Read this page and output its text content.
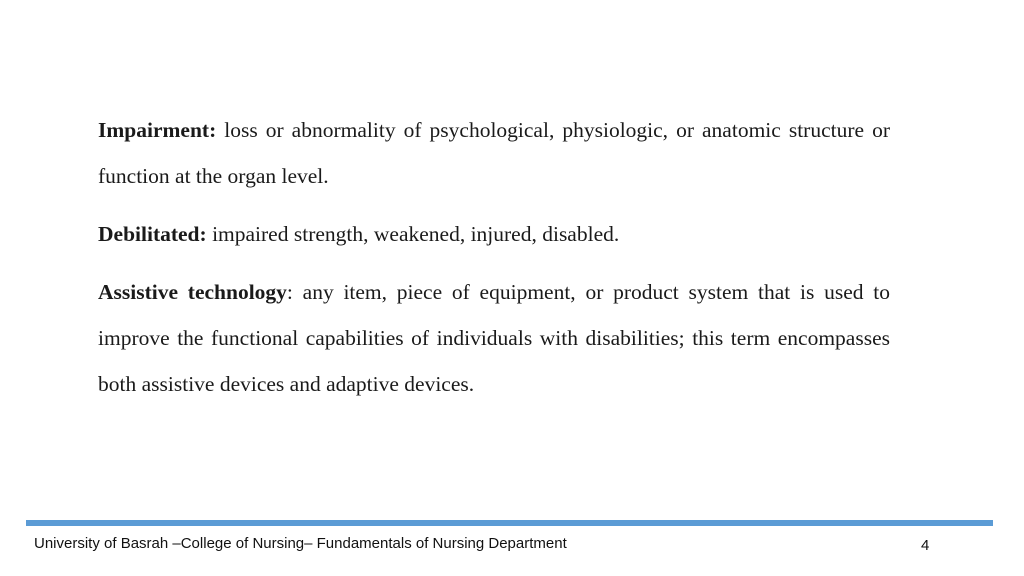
Impairment: loss or abnormality of psychological, physiologic, or anatomic structure or function at the organ level.

Debilitated: impaired strength, weakened, injured, disabled.

Assistive technology: any item, piece of equipment, or product system that is used to improve the functional capabilities of individuals with disabilities; this term encompasses both assistive devices and adaptive devices.

University of Basrah –College of Nursing– Fundamentals of Nursing Department	4
